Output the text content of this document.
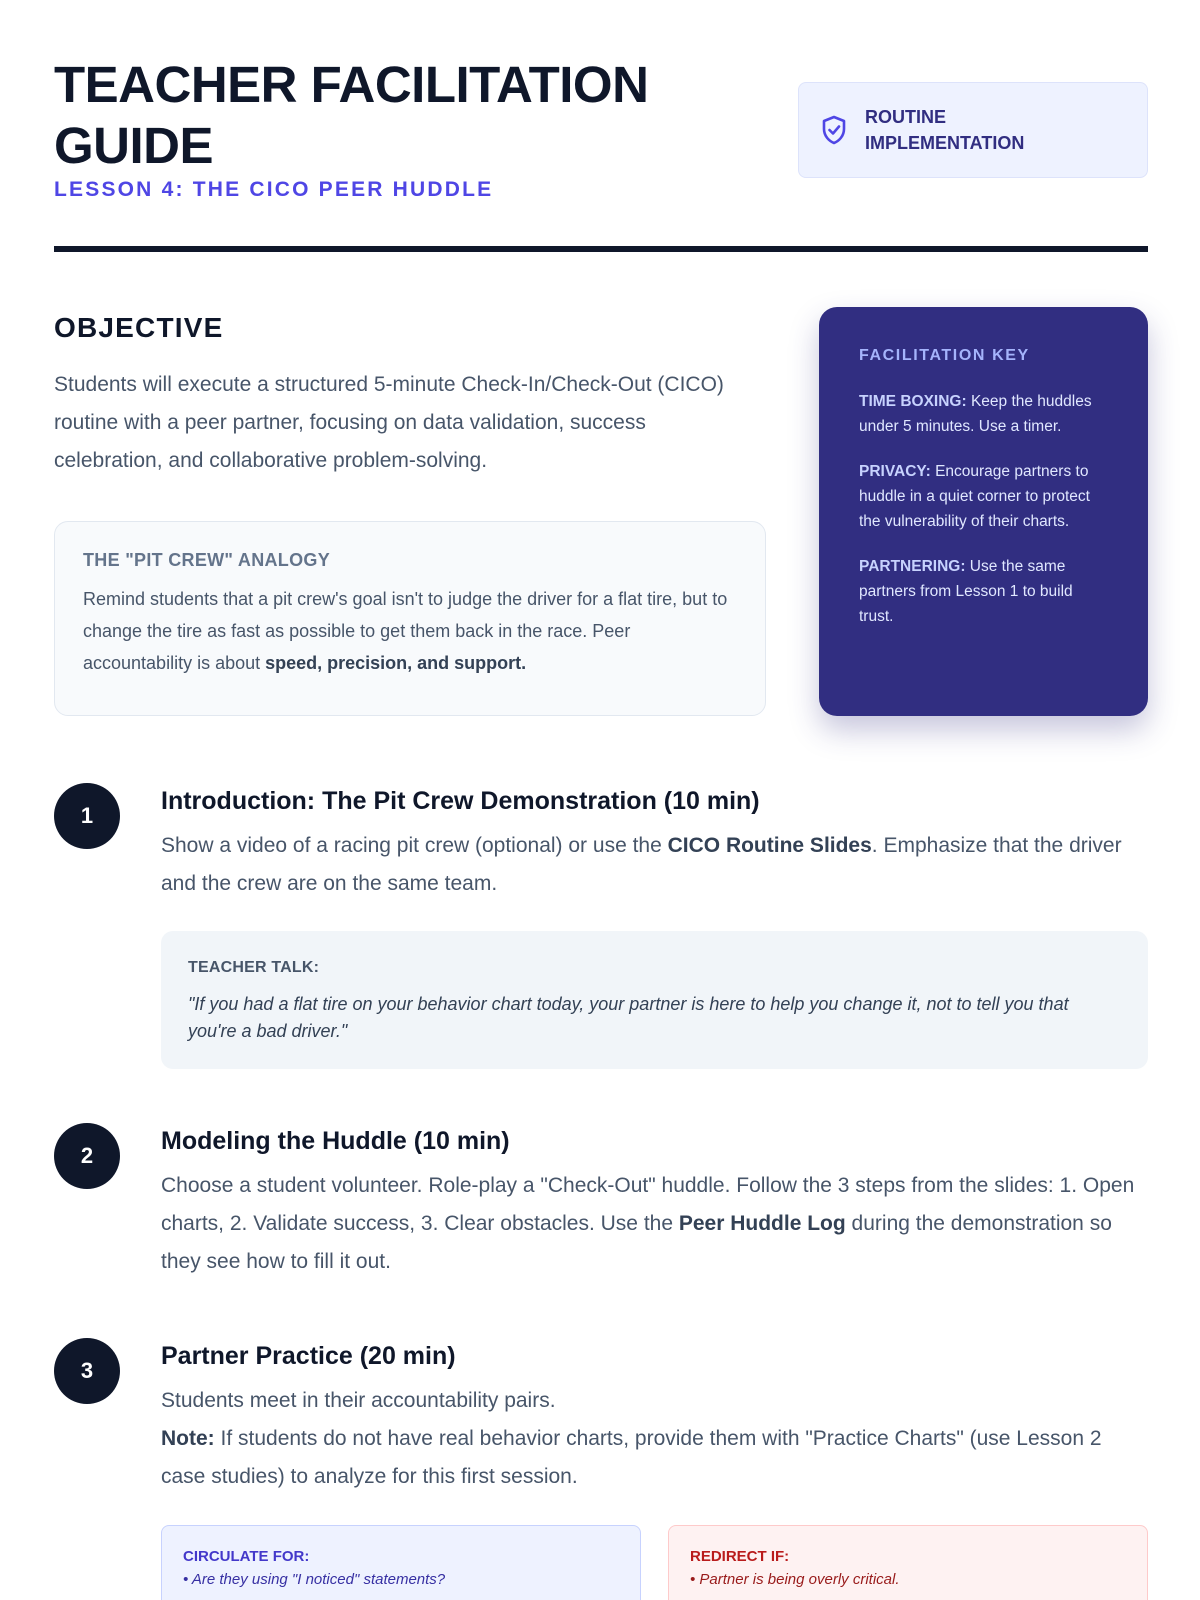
TEACHER FACILITATION GUIDE
LESSON 4: THE CICO PEER HUDDLE
ROUTINE IMPLEMENTATION
OBJECTIVE

Students will execute a structured 5-minute Check-In/Check-Out (CICO) routine with a peer partner, focusing on data validation, success celebration, and collaborative problem-solving.

THE "PIT CREW" ANALOGY

Remind students that a pit crew's goal isn't to judge the driver for a flat tire, but to change the tire as fast as possible to get them back in the race. Peer accountability is about speed, precision, and support.

FACILITATION KEY

TIME BOXING: Keep the huddles under 5 minutes. Use a timer.

PRIVACY: Encourage partners to huddle in a quiet corner to protect the vulnerability of their charts.

PARTNERING: Use the same partners from Lesson 1 to build trust.

1
Introduction: The Pit Crew Demonstration (10 min)

Show a video of a racing pit crew (optional) or use the CICO Routine Slides. Emphasize that the driver and the crew are on the same team.

TEACHER TALK:

"If you had a flat tire on your behavior chart today, your partner is here to help you change it, not to tell you that you're a bad driver."

2
Modeling the Huddle (10 min)

Choose a student volunteer. Role-play a "Check-Out" huddle. Follow the 3 steps from the slides: 1. Open charts, 2. Validate success, 3. Clear obstacles. Use the Peer Huddle Log during the demonstration so they see how to fill it out.

3
Partner Practice (20 min)

Students meet in their accountability pairs.
Note: If students do not have real behavior charts, provide them with "Practice Charts" (use Lesson 2 case studies) to analyze for this first session.

CIRCULATE FOR:
• Are they using "I noticed" statements?
REDIRECT IF:
• Partner is being overly critical.
